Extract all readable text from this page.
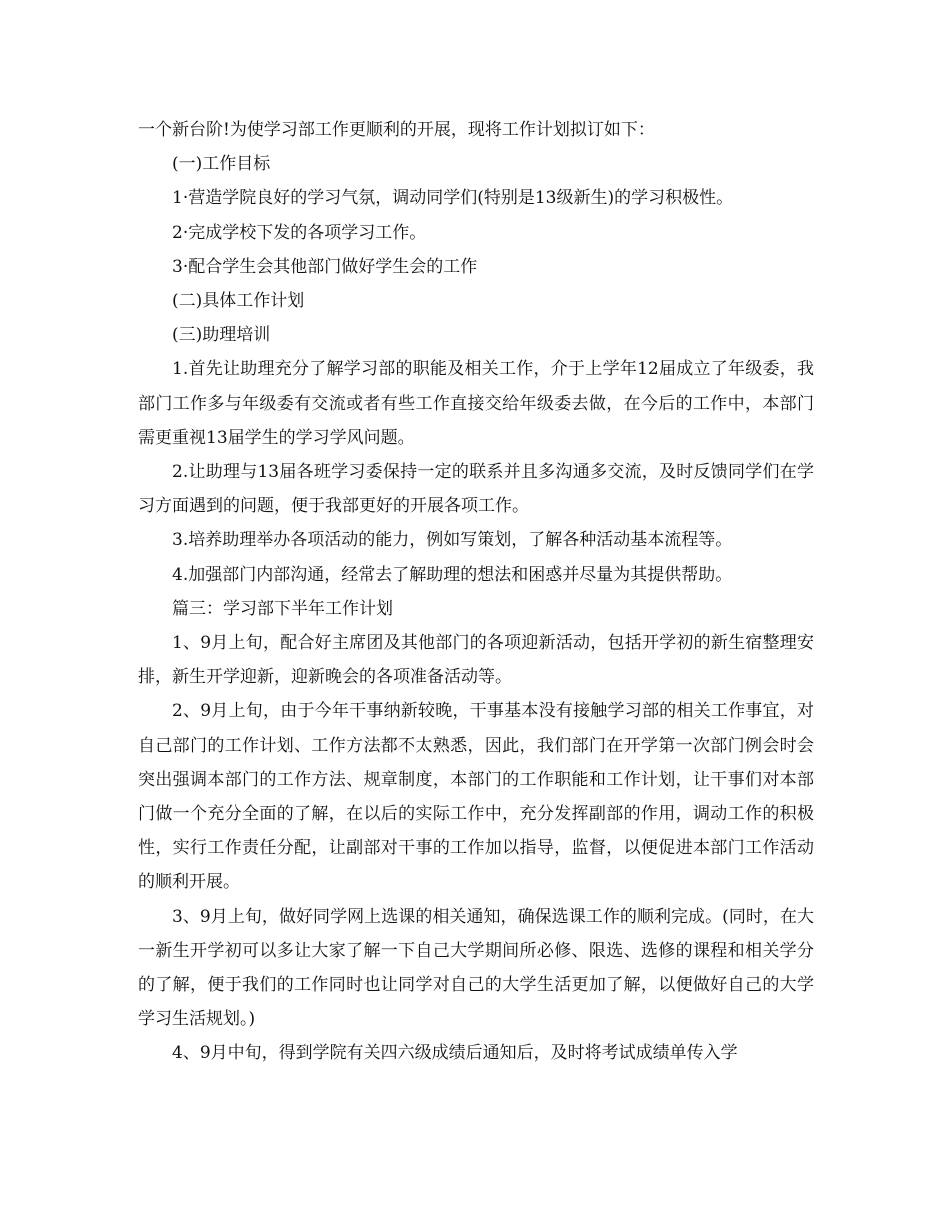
一个新台阶!为使学习部工作更顺利的开展，现将工作计划拟订如下：

(一)工作目标

1·营造学院良好的学习气氛，调动同学们(特别是13级新生)的学习积极性。

2·完成学校下发的各项学习工作。

3·配合学生会其他部门做好学生会的工作

(二)具体工作计划

(三)助理培训

1.首先让助理充分了解学习部的职能及相关工作，介于上学年12届成立了年级委，我部门工作多与年级委有交流或者有些工作直接交给年级委去做，在今后的工作中，本部门需更重视13届学生的学习学风问题。

2.让助理与13届各班学习委保持一定的联系并且多沟通多交流，及时反馈同学们在学习方面遇到的问题，便于我部更好的开展各项工作。

3.培养助理举办各项活动的能力，例如写策划，了解各种活动基本流程等。

4.加强部门内部沟通，经常去了解助理的想法和困惑并尽量为其提供帮助。

篇三：学习部下半年工作计划

1、9月上旬，配合好主席团及其他部门的各项迎新活动，包括开学初的新生宿整理安排，新生开学迎新，迎新晚会的各项准备活动等。

2、9月上旬，由于今年干事纳新较晚，干事基本没有接触学习部的相关工作事宜，对自己部门的工作计划、工作方法都不太熟悉，因此，我们部门在开学第一次部门例会时会突出强调本部门的工作方法、规章制度，本部门的工作职能和工作计划，让干事们对本部门做一个充分全面的了解，在以后的实际工作中，充分发挥副部的作用，调动工作的积极性，实行工作责任分配，让副部对干事的工作加以指导，监督，以便促进本部门工作活动的顺利开展。

3、9月上旬，做好同学网上选课的相关通知，确保选课工作的顺利完成。(同时，在大一新生开学初可以多让大家了解一下自己大学期间所必修、限选、选修的课程和相关学分的了解，便于我们的工作同时也让同学对自己的大学生活更加了解，以便做好自己的大学学习生活规划。)

4、9月中旬，得到学院有关四六级成绩后通知后，及时将考试成绩单传入学
